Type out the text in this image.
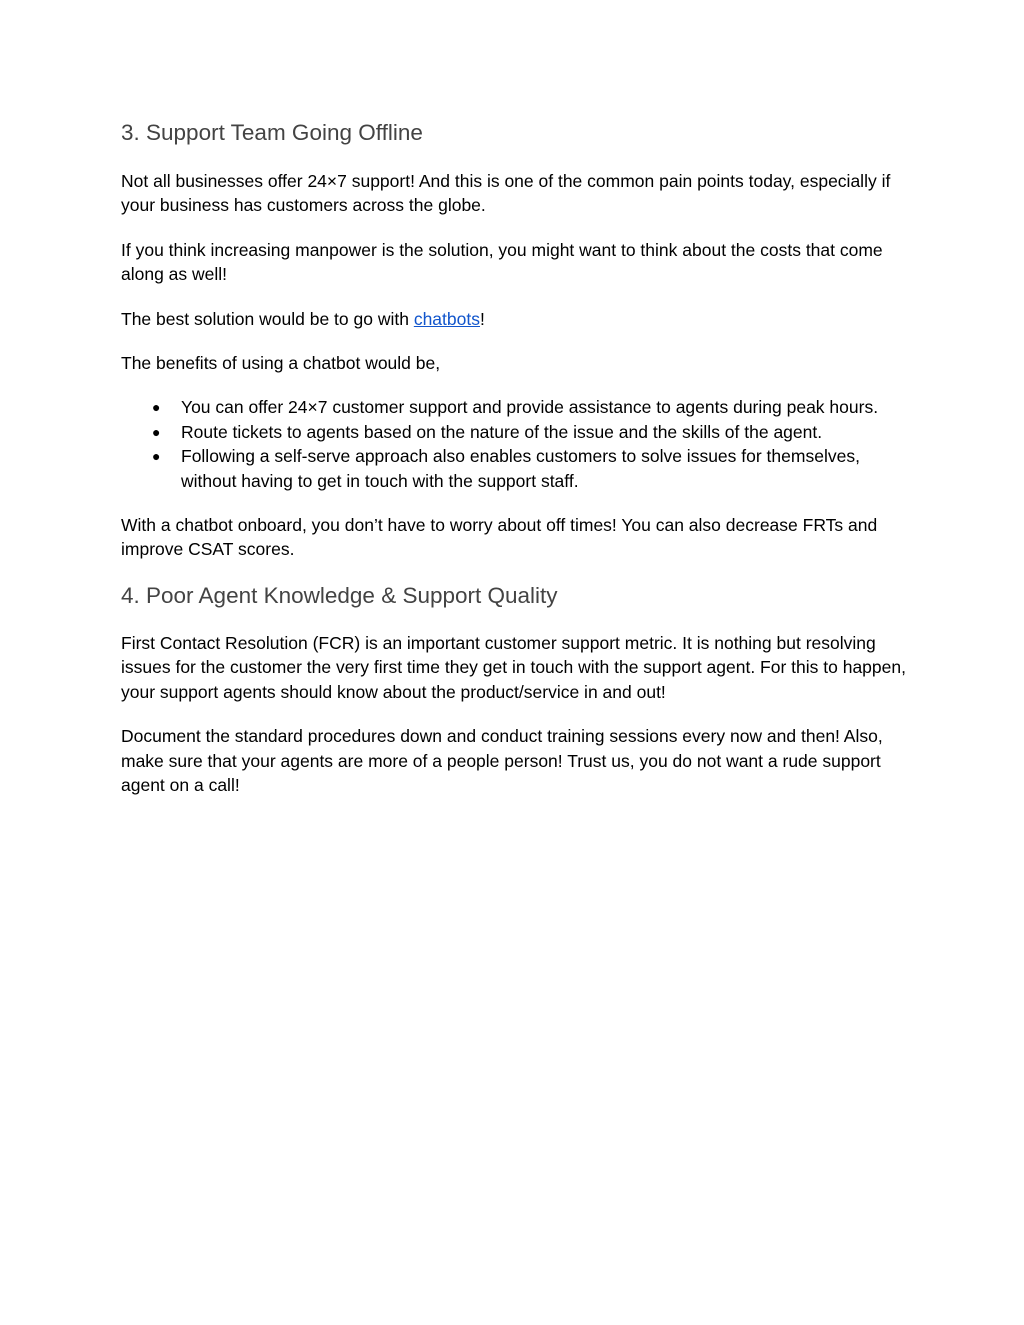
3. Support Team Going Offline

Not all businesses offer 24×7 support! And this is one of the common pain points today, especially if your business has customers across the globe.

If you think increasing manpower is the solution, you might want to think about the costs that come along as well!

The best solution would be to go with chatbots!

The benefits of using a chatbot would be,

● You can offer 24×7 customer support and provide assistance to agents during peak hours.
● Route tickets to agents based on the nature of the issue and the skills of the agent.
● Following a self-serve approach also enables customers to solve issues for themselves, without having to get in touch with the support staff.

With a chatbot onboard, you don’t have to worry about off times! You can also decrease FRTs and improve CSAT scores.

4. Poor Agent Knowledge & Support Quality

First Contact Resolution (FCR) is an important customer support metric. It is nothing but resolving issues for the customer the very first time they get in touch with the support agent. For this to happen, your support agents should know about the product/service in and out!

Document the standard procedures down and conduct training sessions every now and then! Also, make sure that your agents are more of a people person! Trust us, you do not want a rude support agent on a call!
